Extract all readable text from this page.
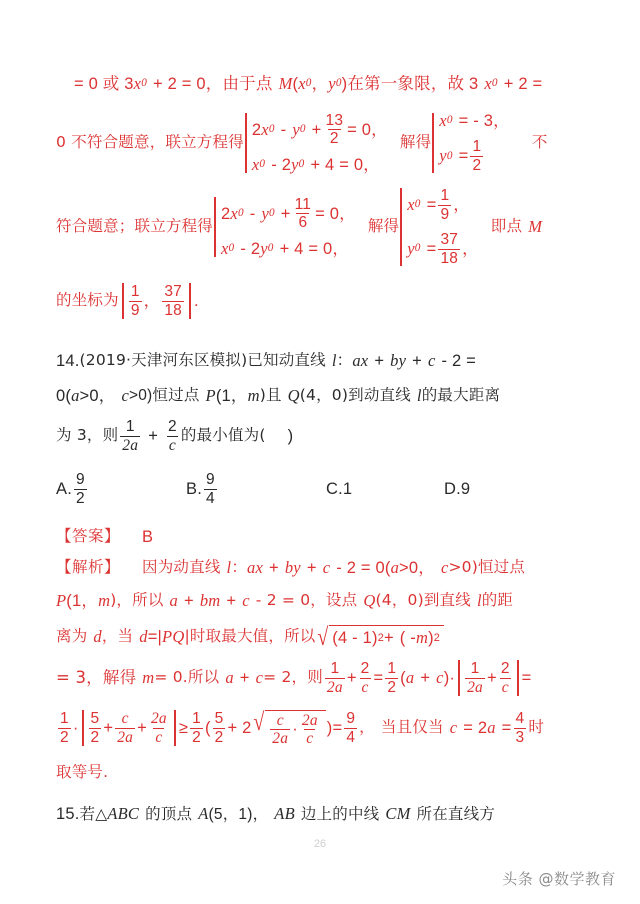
= 0 或 3 x 0 + 2 = 0，由于点 M ( x 0 ， y 0 ) 在第一象限，故 3 x 0 + 2 =
0 不符合题意，联立方程得
2 x 0 - y $0 + \frac{13}{2} = 0$，
x 0 - 2 y 0 + 4 = 0，
解得
x 0 = - 3，
y $0 = \frac{1}{2}$	不
符合题意；联立方程得
2 x 0 - y $0 + \frac{11}{6} = 0$，
x 0 - 2 y 0 + 4 = 0，
解得
x $0 = \frac{1}{9}$ ，
y $0 = \frac{37}{18}$ ，
即点 M
的坐标为 $\frac{1}{9}$ ， $\frac{37}{18}$ .
14. (2019·天津河东区模拟) 已知动直线 l ： ax + by + c - 2 =
0( a >0， c >0)恒过点 P (1， m )且 Q (4，0)到动直线 l 的最大距离
为 3，则 $\frac{1}{2a} + \frac{2}{c}$ 的最小值为( )
A. $\frac{9}{2}$	B. $\frac{9}{4}$	C. 1	D. 9
【答案】 B
【解析】 因为动直线 l ： ax + by + c - 2 = 0( a >0， c >0)恒过点
P (1， m )，所以 a + bm + c - 2 = 0，设点 Q (4，0)到直线 l 的距
离为 d ，当 d =| PQ |时取最大值，所以 √ (4 - 1) 2 + ( - m ) 2
= 3，解得 m = 0.所以 a + c = 2，则 $\frac{1}{2a} + \frac{2}{c} = \frac{1}{2}$ ( a + c )· $\frac{1}{2a} + \frac{2}{c}$ =
$\frac{1}{2} \cdot \frac{5}{2} + \frac{c}{2a} + \frac{2a}{c} \ge \frac{1}{2}$ ( $\frac{5}{2} + 2$ √ $\frac{c}{2a} \cdot \frac{2a}{c}$ ) = $\frac{9}{4}$ ， 当且仅当 c = 2 $a = \frac{4}{3}$ 时
取等号.
15. 若△ ABC 的顶点 A (5，1)， AB 边上的中线 CM 所在直线方
26
头条 @数学教育
